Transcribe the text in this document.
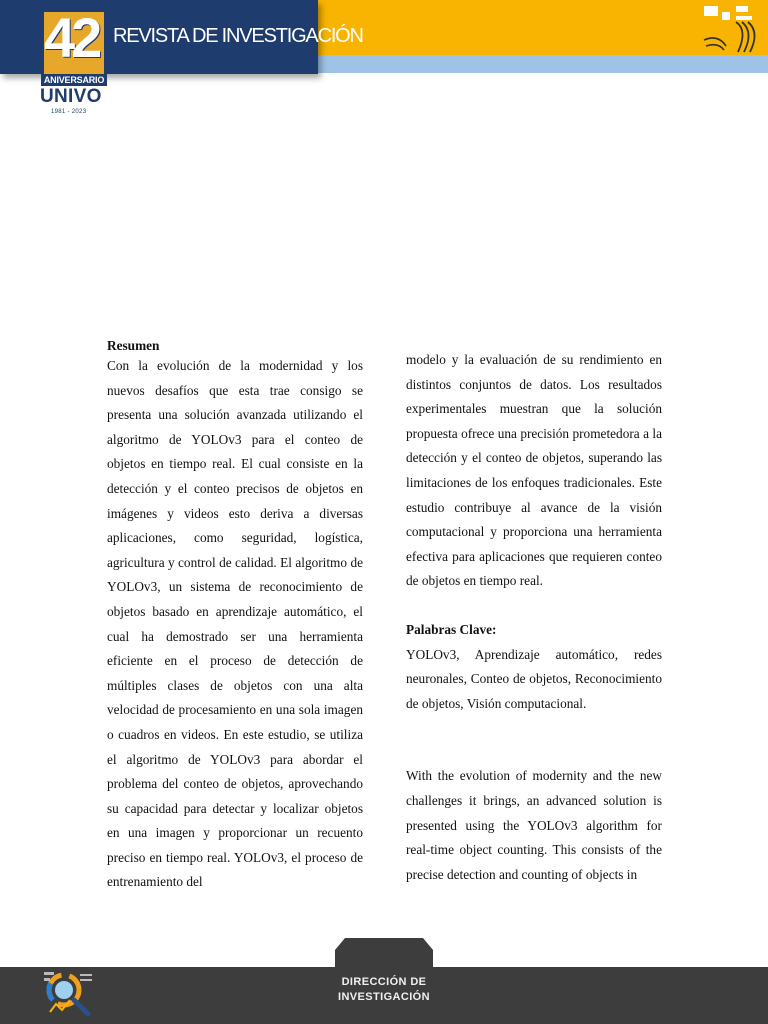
REVISTA DE INVESTIGACIÓN
42
ANIVERSARIO
UNIVO
1981 - 2023

Resumen

Con la evolución de la modernidad y los nuevos desafíos que esta trae consigo se presenta una solución avanzada utilizando el algoritmo de YOLOv3 para el conteo de objetos en tiempo real. El cual consiste en la detección y el conteo precisos de objetos en imágenes y videos esto deriva a diversas aplicaciones, como seguridad, logística, agricultura y control de calidad. El algoritmo de YOLOv3, un sistema de reconocimiento de objetos basado en aprendizaje automático, el cual ha demostrado ser una herramienta eficiente en el proceso de detección de múltiples clases de objetos con una alta velocidad de procesamiento en una sola imagen o cuadros en videos. En este estudio, se utiliza el algoritmo de YOLOv3 para abordar el problema del conteo de objetos, aprovechando su capacidad para detectar y localizar objetos en una imagen y proporcionar un recuento preciso en tiempo real. YOLOv3, el proceso de entrenamiento del

modelo y la evaluación de su rendimiento en distintos conjuntos de datos. Los resultados experimentales muestran que la solución propuesta ofrece una precisión prometedora a la detección y el conteo de objetos, superando las limitaciones de los enfoques tradicionales. Este estudio contribuye al avance de la visión computacional y proporciona una herramienta efectiva para aplicaciones que requieren conteo de objetos en tiempo real.

Palabras Clave:

YOLOv3, Aprendizaje automático, redes neuronales, Conteo de objetos, Reconocimiento de objetos, Visión computacional.

With the evolution of modernity and the new challenges it brings, an advanced solution is presented using the YOLOv3 algorithm for real-time object counting. This consists of the precise detection and counting of objects in

DIRECCIÓN DE
INVESTIGACIÓN
